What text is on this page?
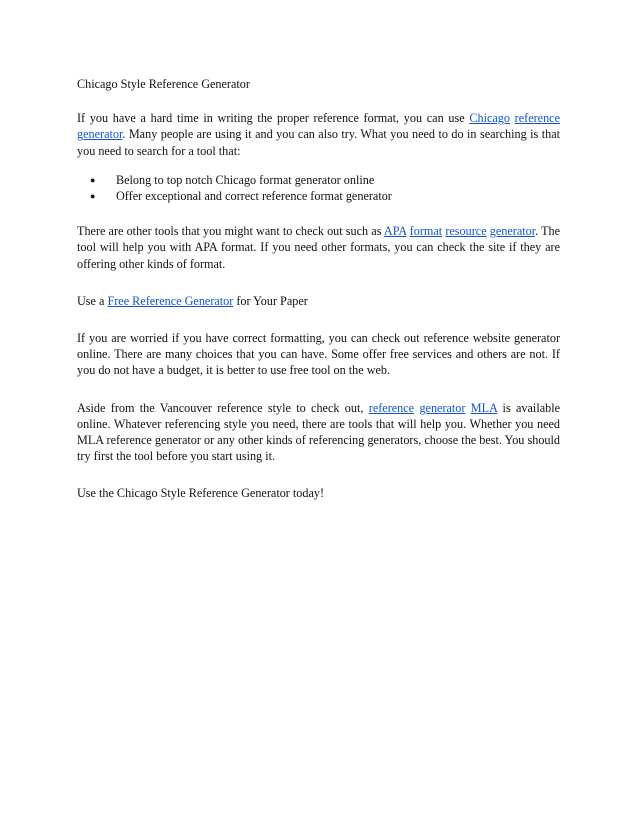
Chicago Style Reference Generator

If you have a hard time in writing the proper reference format, you can use Chicago reference generator. Many people are using it and you can also try. What you need to do in searching is that you need to search for a tool that:

● Belong to top notch Chicago format generator online
● Offer exceptional and correct reference format generator

There are other tools that you might want to check out such as APA format resource generator. The tool will help you with APA format. If you need other formats, you can check the site if they are offering other kinds of format.

Use a Free Reference Generator for Your Paper

If you are worried if you have correct formatting, you can check out reference website generator online. There are many choices that you can have. Some offer free services and others are not. If you do not have a budget, it is better to use free tool on the web.

Aside from the Vancouver reference style to check out, reference generator MLA is available online. Whatever referencing style you need, there are tools that will help you. Whether you need MLA reference generator or any other kinds of referencing generators, choose the best. You should try first the tool before you start using it.

Use the Chicago Style Reference Generator today!
